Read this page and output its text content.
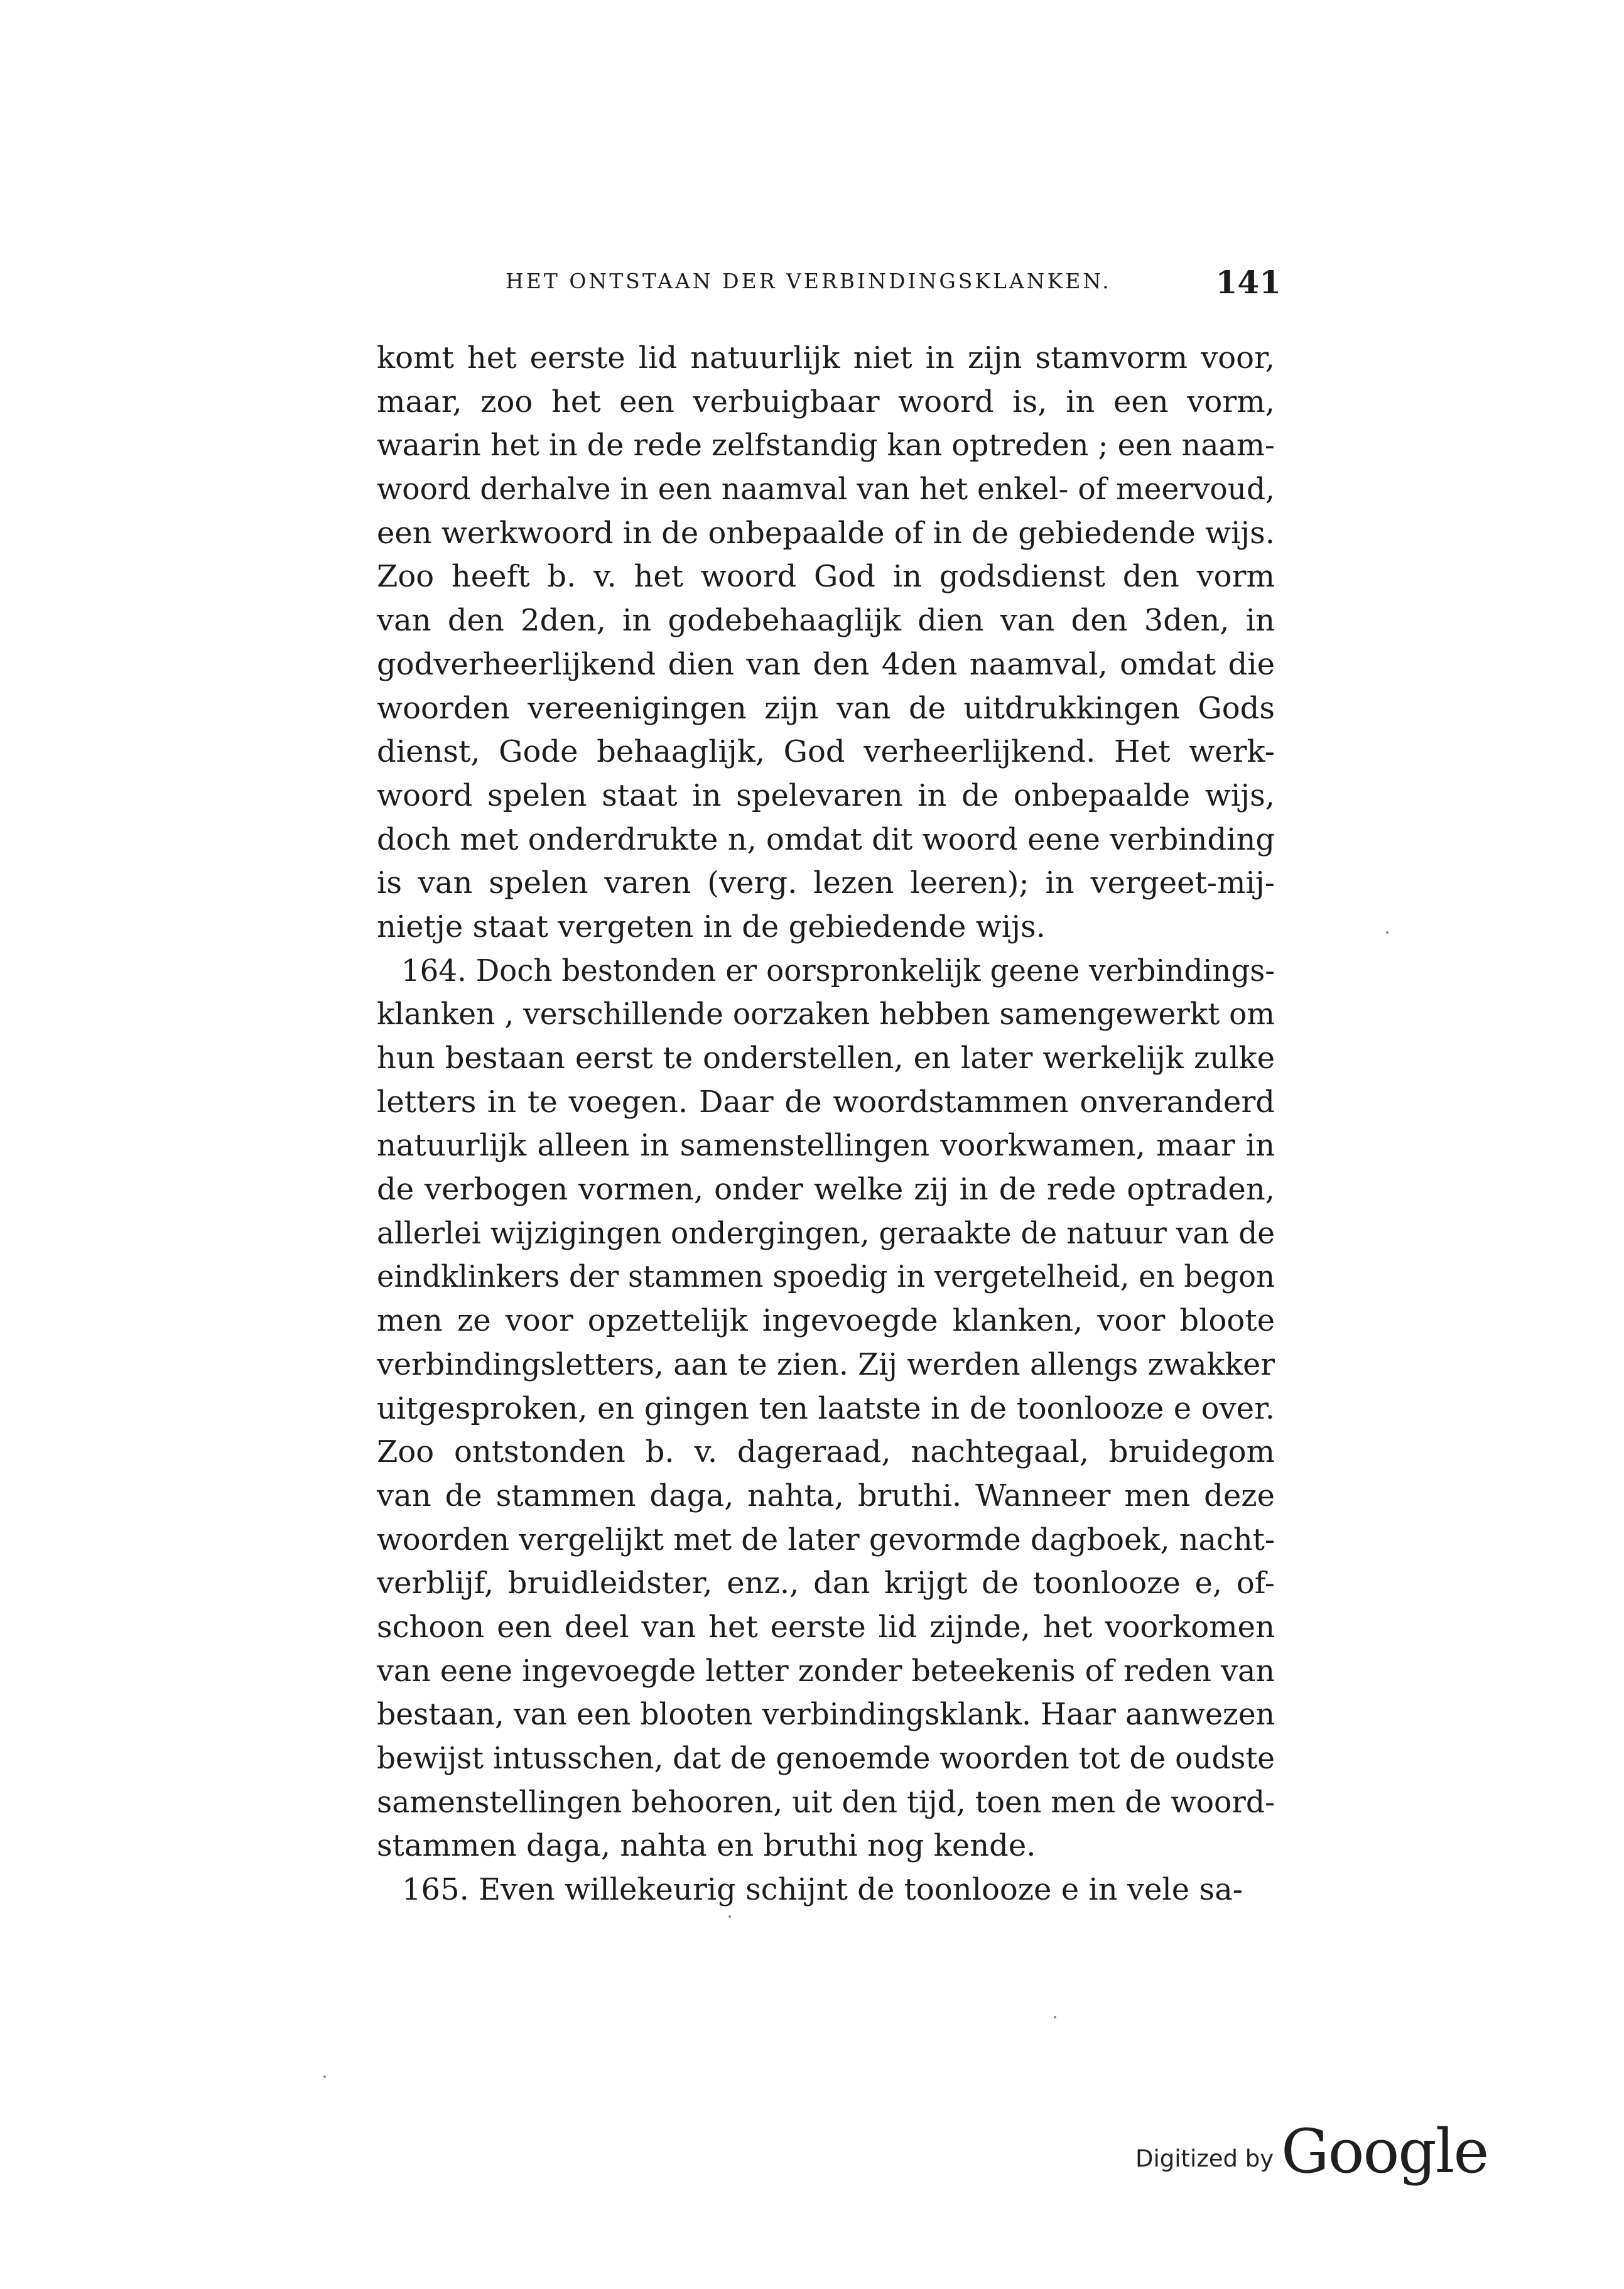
HET ONTSTAAN DER VERBINDINGSKLANKEN.	141
komt het eerste lid natuurlijk niet in zijn stamvorm voor,
maar, zoo het een verbuigbaar woord is, in een vorm,
waarin het in de rede zelfstandig kan optreden ; een naam-
woord derhalve in een naamval van het enkel- of meervoud,
een werkwoord in de onbepaalde of in de gebiedende wijs.
Zoo heeft b. v. het woord God in godsdienst den vorm
van den 2den, in godebehaaglijk dien van den 3den, in
godverheerlijkend dien van den 4den naamval, omdat die
woorden vereenigingen zijn van de uitdrukkingen Gods
dienst, Gode behaaglijk, God verheerlijkend. Het werk-
woord spelen staat in spelevaren in de onbepaalde wijs,
doch met onderdrukte n, omdat dit woord eene verbinding
is van spelen varen (verg. lezen leeren); in vergeet-mij-
nietje staat vergeten in de gebiedende wijs.
164. Doch bestonden er oorspronkelijk geene verbindings-
klanken , verschillende oorzaken hebben samengewerkt om
hun bestaan eerst te onderstellen, en later werkelijk zulke
letters in te voegen. Daar de woordstammen onveranderd
natuurlijk alleen in samenstellingen voorkwamen, maar in
de verbogen vormen, onder welke zij in de rede optraden,
allerlei wijzigingen ondergingen, geraakte de natuur van de
eindklinkers der stammen spoedig in vergetelheid, en begon
men ze voor opzettelijk ingevoegde klanken, voor bloote
verbindingsletters, aan te zien. Zij werden allengs zwakker
uitgesproken, en gingen ten laatste in de toonlooze e over.
Zoo ontstonden b. v. dageraad, nachtegaal, bruidegom
van de stammen daga, nahta, bruthi. Wanneer men deze
woorden vergelijkt met de later gevormde dagboek, nacht-
verblijf, bruidleidster, enz., dan krijgt de toonlooze e, of-
schoon een deel van het eerste lid zijnde, het voorkomen
van eene ingevoegde letter zonder beteekenis of reden van
bestaan, van een blooten verbindingsklank. Haar aanwezen
bewijst intusschen, dat de genoemde woorden tot de oudste
samenstellingen behooren, uit den tijd, toen men de woord-
stammen daga, nahta en bruthi nog kende.
165. Even willekeurig schijnt de toonlooze e in vele sa-
Digitized by Google
